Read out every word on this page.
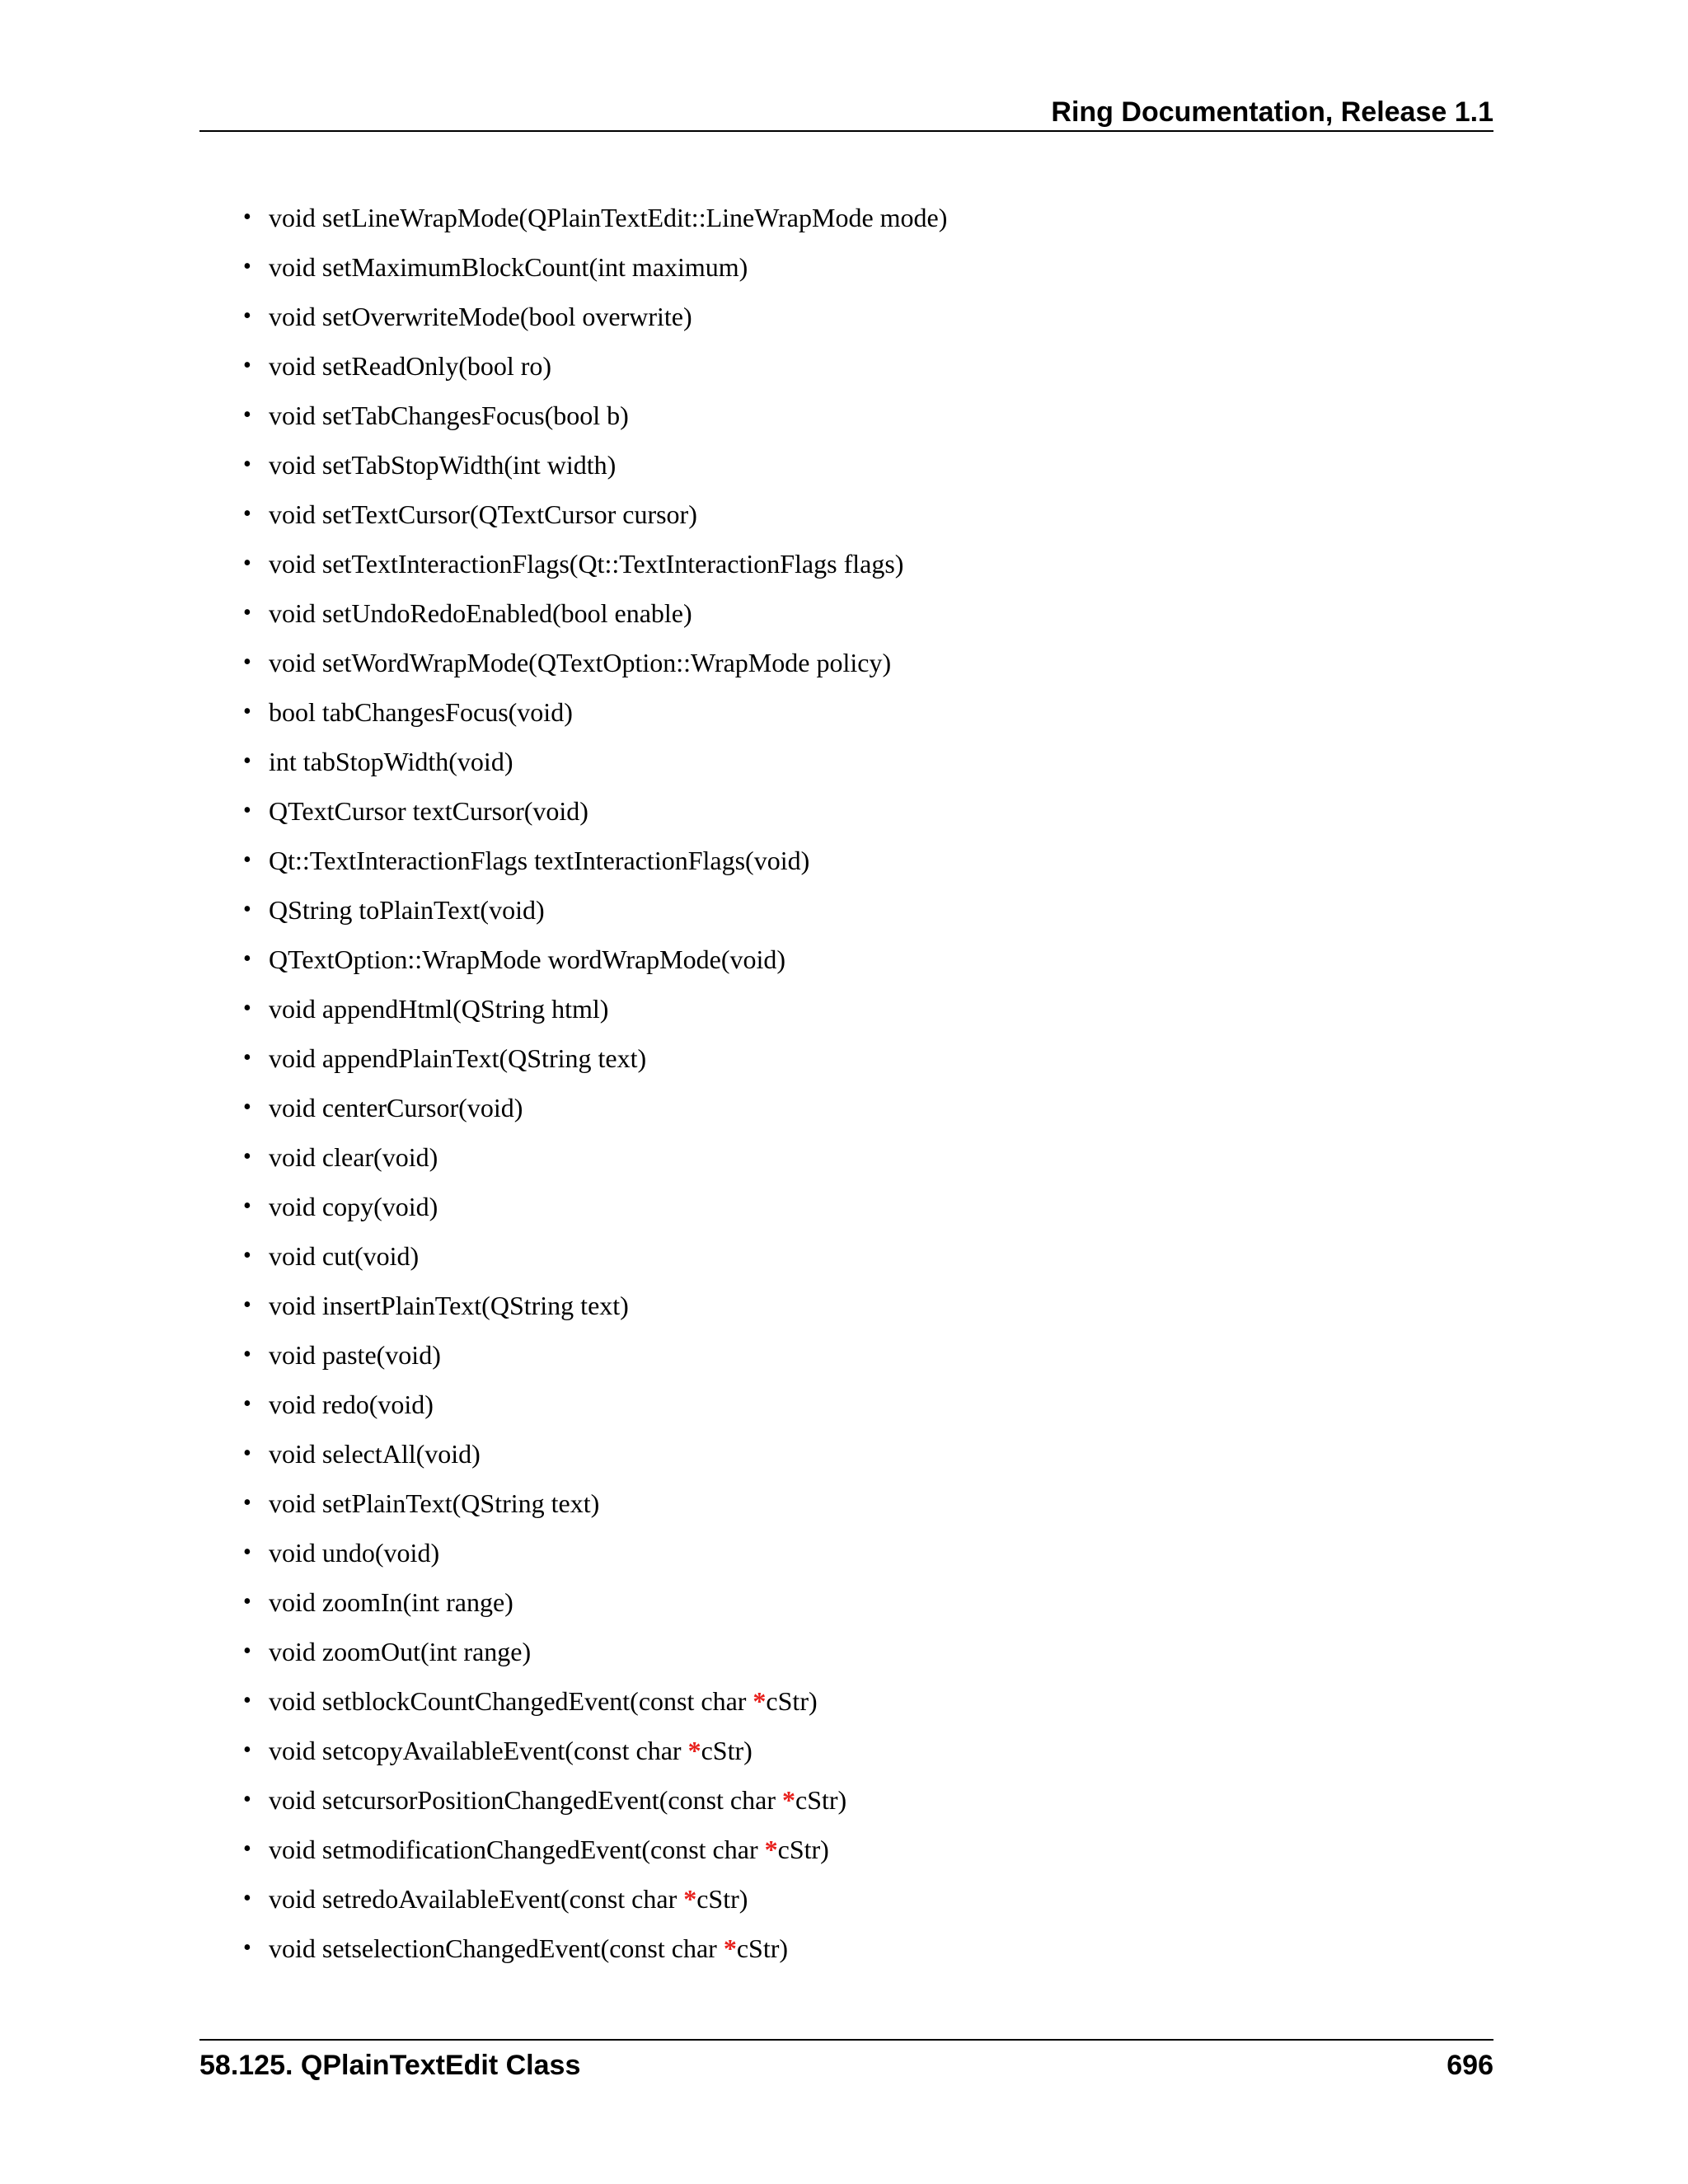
Ring Documentation, Release 1.1
• void setLineWrapMode(QPlainTextEdit::LineWrapMode mode)
• void setMaximumBlockCount(int maximum)
• void setOverwriteMode(bool overwrite)
• void setReadOnly(bool ro)
• void setTabChangesFocus(bool b)
• void setTabStopWidth(int width)
• void setTextCursor(QTextCursor cursor)
• void setTextInteractionFlags(Qt::TextInteractionFlags flags)
• void setUndoRedoEnabled(bool enable)
• void setWordWrapMode(QTextOption::WrapMode policy)
• bool tabChangesFocus(void)
• int tabStopWidth(void)
• QTextCursor textCursor(void)
• Qt::TextInteractionFlags textInteractionFlags(void)
• QString toPlainText(void)
• QTextOption::WrapMode wordWrapMode(void)
• void appendHtml(QString html)
• void appendPlainText(QString text)
• void centerCursor(void)
• void clear(void)
• void copy(void)
• void cut(void)
• void insertPlainText(QString text)
• void paste(void)
• void redo(void)
• void selectAll(void)
• void setPlainText(QString text)
• void undo(void)
• void zoomIn(int range)
• void zoomOut(int range)
• void setblockCountChangedEvent(const char *cStr)
• void setcopyAvailableEvent(const char *cStr)
• void setcursorPositionChangedEvent(const char *cStr)
• void setmodificationChangedEvent(const char *cStr)
• void setredoAvailableEvent(const char *cStr)
• void setselectionChangedEvent(const char *cStr)
58.125. QPlainTextEdit Class	696
